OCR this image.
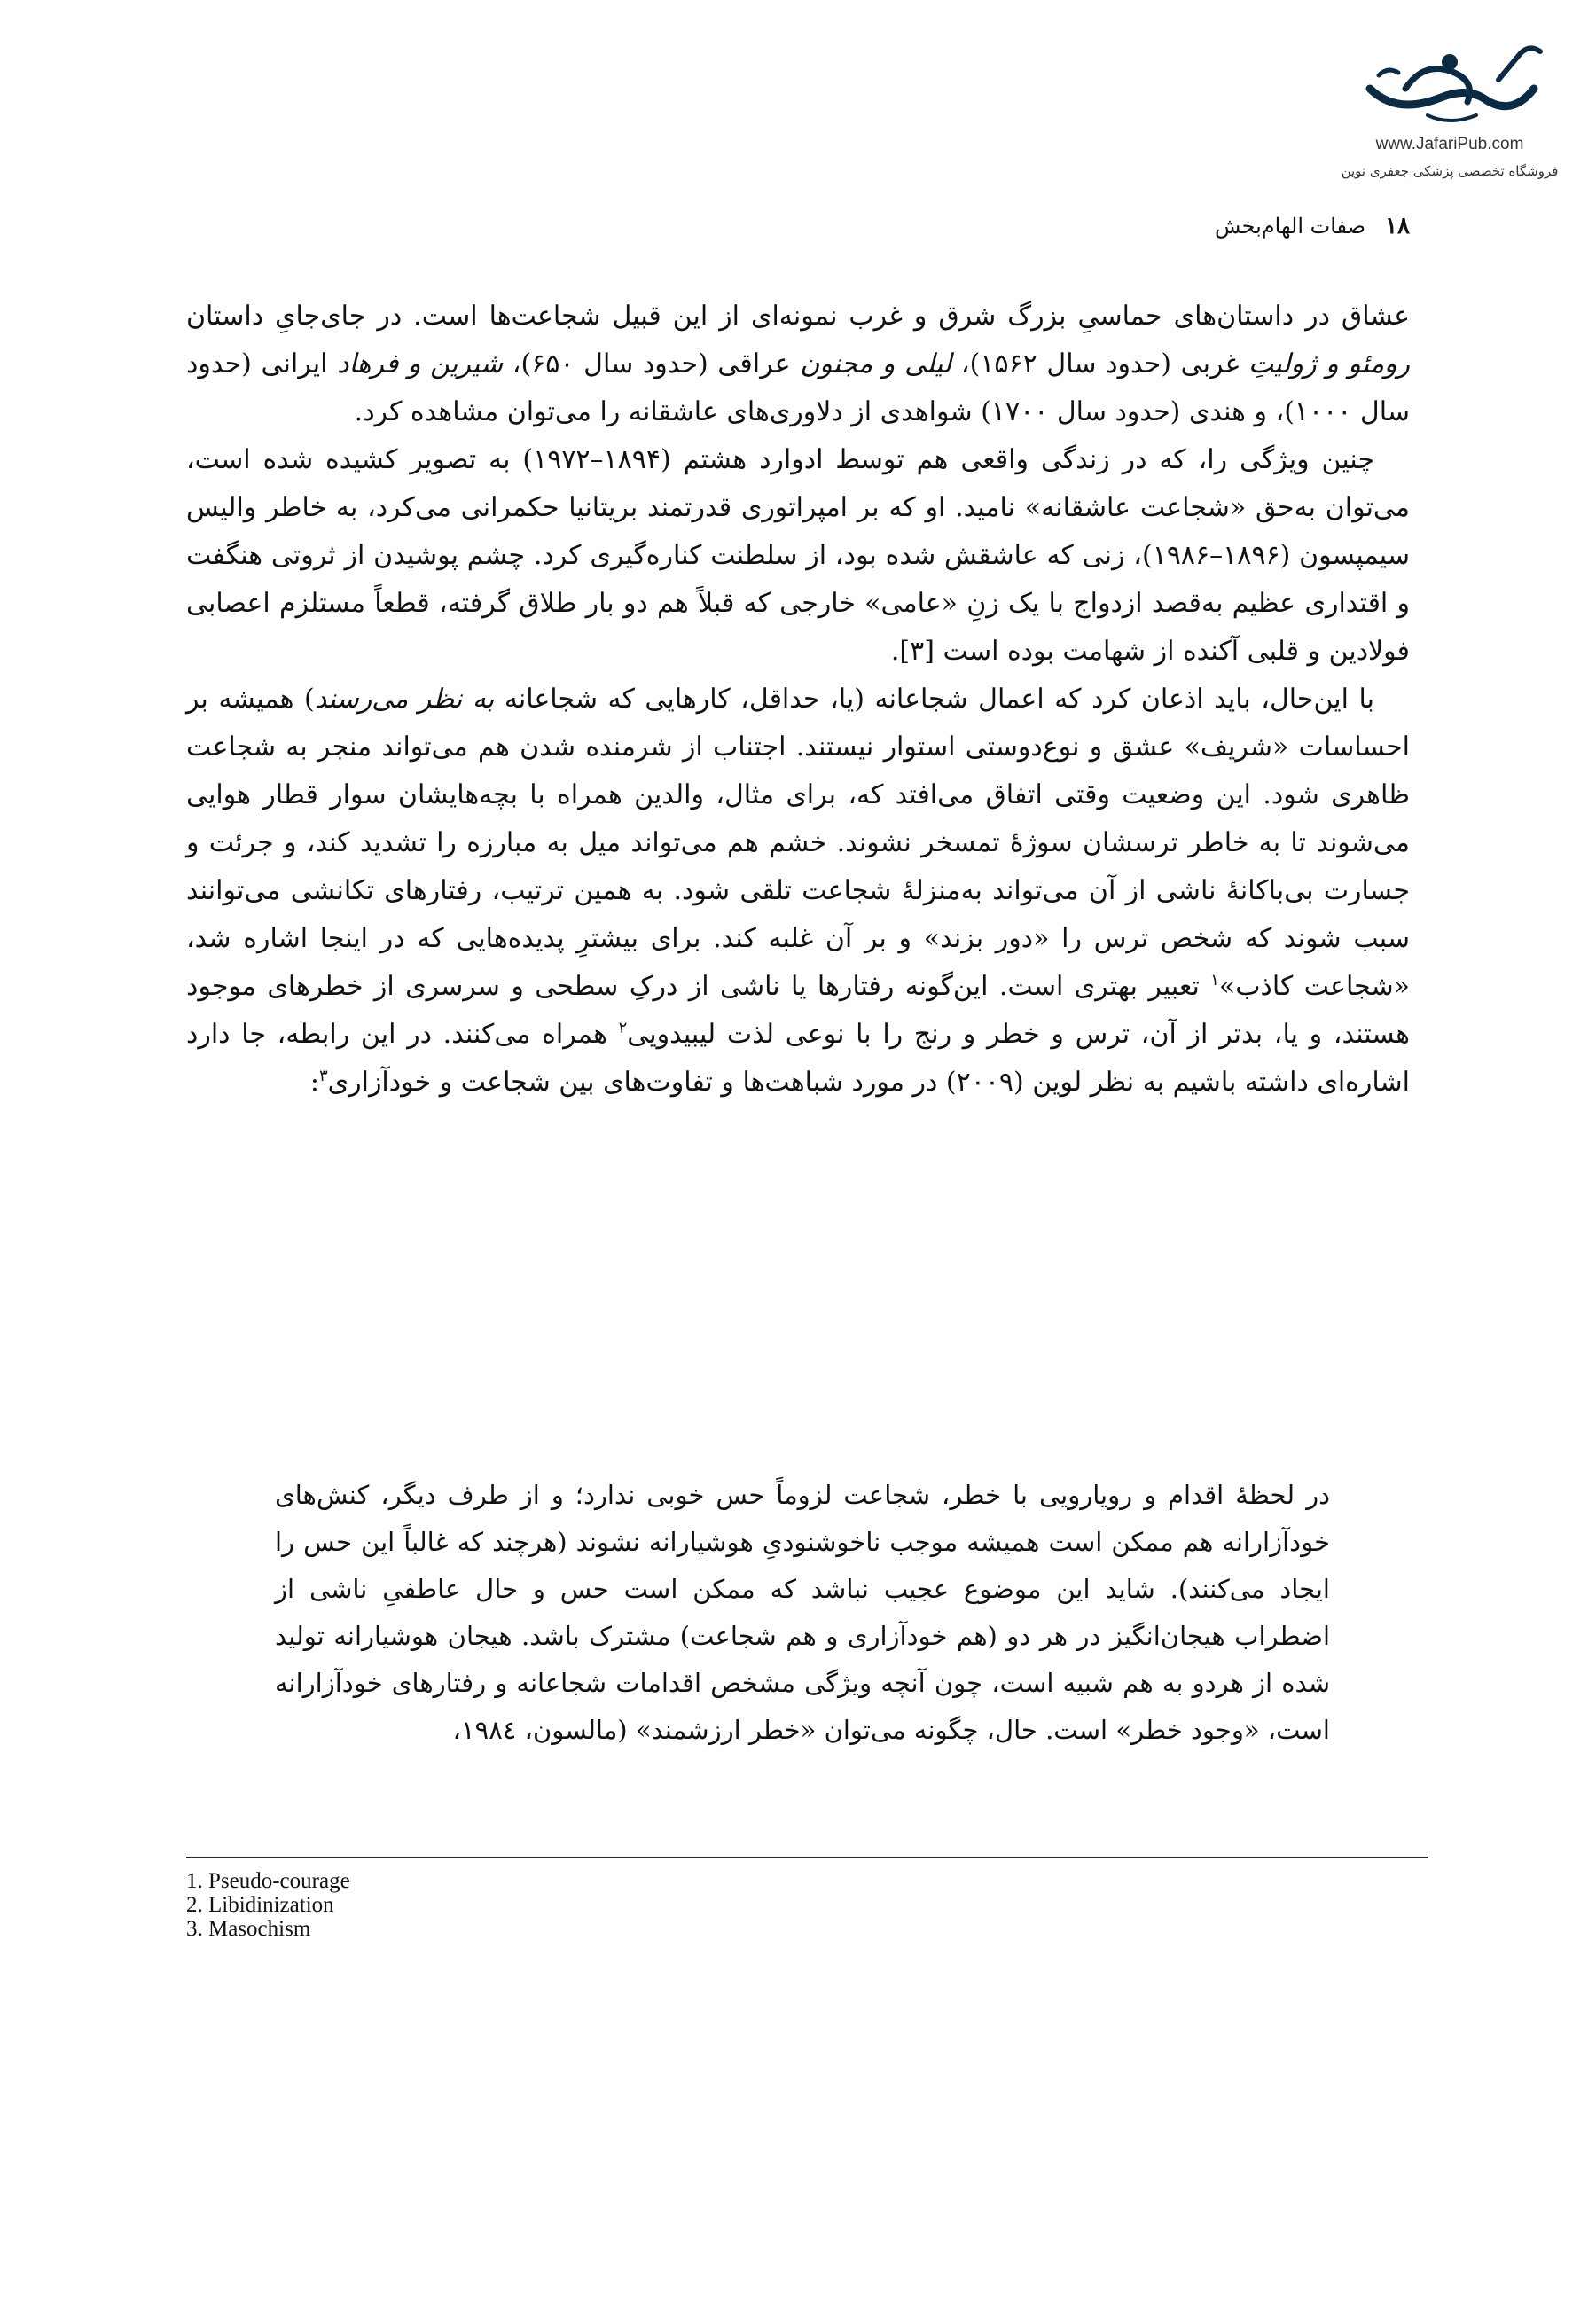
www.JafariPub.com
فروشگاه تخصصی پزشکی جعفری نوین
۱۸
صفات الهام‌بخش

عشاق در داستان‌های حماسیِ بزرگ شرق و غرب نمونه‌ای از این قبیل شجاعت‌ها است. در جای‌جایِ داستان رومئو و ژولیتِ غربی (حدود سال ۱۵۶۲)، لیلی و مجنون عراقی (حدود سال ۶۵۰)، شیرین و فرهاد ایرانی (حدود سال ۱۰۰۰)، و هندی (حدود سال ۱۷۰۰) شواهدی از دلاوری‌های عاشقانه را می‌توان مشاهده کرد.

چنین ویژگی را، که در زندگی واقعی هم توسط ادوارد هشتم (۱۸۹۴–۱۹۷۲) به تصویر کشیده شده است، می‌توان به‌حق «شجاعت عاشقانه» نامید. او که بر امپراتوری قدرتمند بریتانیا حکمرانی می‌کرد، به خاطر والیس سیمپسون (۱۸۹۶–۱۹۸۶)، زنی که عاشقش شده بود، از سلطنت کناره‌گیری کرد. چشم پوشیدن از ثروتی هنگفت و اقتداری عظیم به‌قصد ازدواج با یک زنِ «عامی» خارجی که قبلاً هم دو بار طلاق گرفته، قطعاً مستلزم اعصابی فولادین و قلبی آکنده از شهامت بوده است [۳].

با این‌حال، باید اذعان کرد که اعمال شجاعانه (یا، حداقل، کارهایی که شجاعانه به نظر می‌رسند) همیشه بر احساسات «شریف» عشق و نوع‌دوستی استوار نیستند. اجتناب از شرمنده شدن هم می‌تواند منجر به شجاعت ظاهری شود. این وضعیت وقتی اتفاق می‌افتد که، برای مثال، والدین همراه با بچه‌هایشان سوار قطار هوایی می‌شوند تا به خاطر ترسشان سوژهٔ تمسخر نشوند. خشم هم می‌تواند میل به مبارزه را تشدید کند، و جرئت و جسارت بی‌باکانهٔ ناشی از آن می‌تواند به‌منزلهٔ شجاعت تلقی شود. به همین ترتیب، رفتارهای تکانشی می‌توانند سبب شوند که شخص ترس را «دور بزند» و بر آن غلبه کند. برای بیشترِ پدیده‌هایی که در اینجا اشاره شد، «شجاعت کاذب»$^۱$ تعبیر بهتری است. این‌گونه رفتارها یا ناشی از درکِ سطحی و سرسری از خطرهای موجود هستند، و یا، بدتر از آن، ترس و خطر و رنج را با نوعی لذت لیبیدویی$^۲$ همراه می‌کنند. در این رابطه، جا دارد اشاره‌ای داشته باشیم به نظر لوین (۲۰۰۹) در مورد شباهت‌ها و تفاوت‌های بین شجاعت و خودآزاری$^۳$:

در لحظهٔ اقدام و رویارویی با خطر، شجاعت لزوماً حس خوبی ندارد؛ و از طرف دیگر، کنش‌های خودآزارانه هم ممکن است همیشه موجب ناخوشنودیِ هوشیارانه نشوند (هرچند که غالباً این حس را ایجاد می‌کنند). شاید این موضوع عجیب نباشد که ممکن است حس و حال عاطفیِ ناشی از اضطراب هیجان‌انگیز در هر دو (هم خودآزاری و هم شجاعت) مشترک باشد. هیجان هوشیارانه تولید شده از هردو به هم شبیه است، چون آنچه ویژگی مشخص اقدامات شجاعانه و رفتارهای خودآزارانه است، «وجود خطر» است. حال، چگونه می‌توان «خطر ارزشمند» (مالسون، ۱۹۸٤،
1. Pseudo-courage
2. Libidinization
3. Masochism
